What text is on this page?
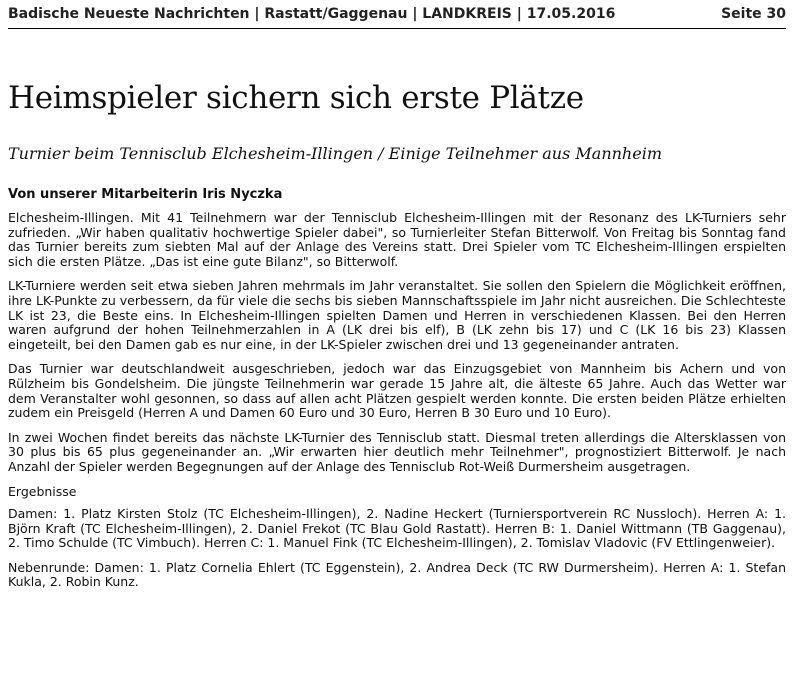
Badische Neueste Nachrichten | Rastatt/Gaggenau | LANDKREIS | 17.05.2016	Seite 30
Heimspieler sichern sich erste Plätze
Turnier beim Tennisclub Elchesheim-Illingen / Einige Teilnehmer aus Mannheim
Von unserer Mitarbeiterin Iris Nyczka

Elchesheim-Illingen. Mit 41 Teilnehmern war der Tennisclub Elchesheim-Illingen mit der Resonanz des LK-Turniers sehr zufrieden. „Wir haben qualitativ hochwertige Spieler dabei", so Turnierleiter Stefan Bitterwolf. Von Freitag bis Sonntag fand das Turnier bereits zum siebten Mal auf der Anlage des Vereins statt. Drei Spieler vom TC Elchesheim-Illingen erspielten sich die ersten Plätze. „Das ist eine gute Bilanz", so Bitterwolf.

LK-Turniere werden seit etwa sieben Jahren mehrmals im Jahr veranstaltet. Sie sollen den Spielern die Möglichkeit eröffnen, ihre LK-Punkte zu verbessern, da für viele die sechs bis sieben Mannschaftsspiele im Jahr nicht ausreichen. Die Schlechteste LK ist 23, die Beste eins. In Elchesheim-Illingen spielten Damen und Herren in verschiedenen Klassen. Bei den Herren waren aufgrund der hohen Teilnehmerzahlen in A (LK drei bis elf), B (LK zehn bis 17) und C (LK 16 bis 23) Klassen eingeteilt, bei den Damen gab es nur eine, in der LK-Spieler zwischen drei und 13 gegeneinander antraten.

Das Turnier war deutschlandweit ausgeschrieben, jedoch war das Einzugsgebiet von Mannheim bis Achern und von Rülzheim bis Gondelsheim. Die jüngste Teilnehmerin war gerade 15 Jahre alt, die älteste 65 Jahre. Auch das Wetter war dem Veranstalter wohl gesonnen, so dass auf allen acht Plätzen gespielt werden konnte. Die ersten beiden Plätze erhielten zudem ein Preisgeld (Herren A und Damen 60 Euro und 30 Euro, Herren B 30 Euro und 10 Euro).

In zwei Wochen findet bereits das nächste LK-Turnier des Tennisclub statt. Diesmal treten allerdings die Altersklassen von 30 plus bis 65 plus gegeneinander an. „Wir erwarten hier deutlich mehr Teilnehmer", prognostiziert Bitterwolf. Je nach Anzahl der Spieler werden Begegnungen auf der Anlage des Tennisclub Rot-Weiß Durmersheim ausgetragen.

Ergebnisse

Damen: 1. Platz Kirsten Stolz (TC Elchesheim-Illingen), 2. Nadine Heckert (Turniersportverein RC Nussloch). Herren A: 1. Björn Kraft (TC Elchesheim-Illingen), 2. Daniel Frekot (TC Blau Gold Rastatt). Herren B: 1. Daniel Wittmann (TB Gaggenau), 2. Timo Schulde (TC Vimbuch). Herren C: 1. Manuel Fink (TC Elchesheim-Illingen), 2. Tomislav Vladovic (FV Ettlingenweier).

Nebenrunde: Damen: 1. Platz Cornelia Ehlert (TC Eggenstein), 2. Andrea Deck (TC RW Durmersheim). Herren A: 1. Stefan Kukla, 2. Robin Kunz.
